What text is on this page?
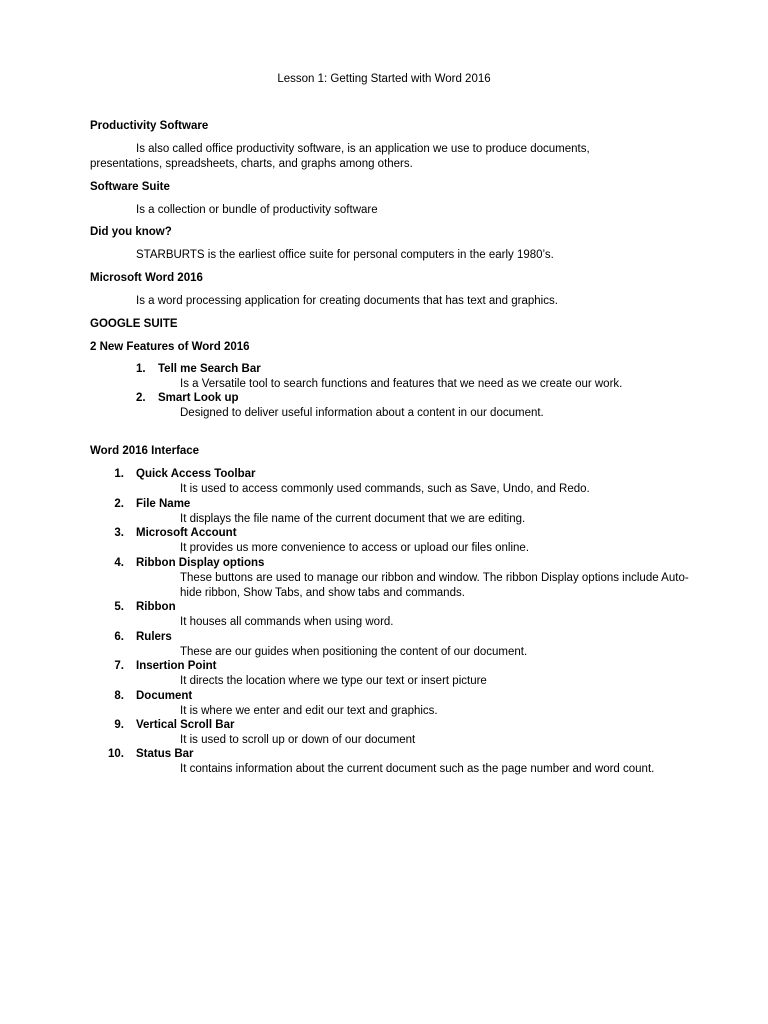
Lesson 1: Getting Started with Word 2016
Productivity Software
Is also called office productivity software, is an application we use to produce documents,
presentations, spreadsheets, charts, and graphs among others.
Software Suite
Is a collection or bundle of productivity software
Did you know?
STARBURTS is the earliest office suite for personal computers in the early 1980’s.
Microsoft Word 2016
Is a word processing application for creating documents that has text and graphics.
GOOGLE SUITE
2 New Features of Word 2016
1.	Tell me Search Bar
Is a Versatile tool to search functions and features that we need as we create our work.
2.	Smart Look up
Designed to deliver useful information about a content in our document.
Word 2016 Interface
1. Quick Access Toolbar
It is used to access commonly used commands, such as Save, Undo, and Redo.
2. File Name
It displays the file name of the current document that we are editing.
3. Microsoft Account
It provides us more convenience to access or upload our files online.
4. Ribbon Display options
These buttons are used to manage our ribbon and window. The ribbon Display options include Auto-hide ribbon, Show Tabs, and show tabs and commands.
5. Ribbon
It houses all commands when using word.
6. Rulers
These are our guides when positioning the content of our document.
7. Insertion Point
It directs the location where we type our text or insert picture
8. Document
It is where we enter and edit our text and graphics.
9. Vertical Scroll Bar
It is used to scroll up or down of our document
10. Status Bar
It contains information about the current document such as the page number and word count.
